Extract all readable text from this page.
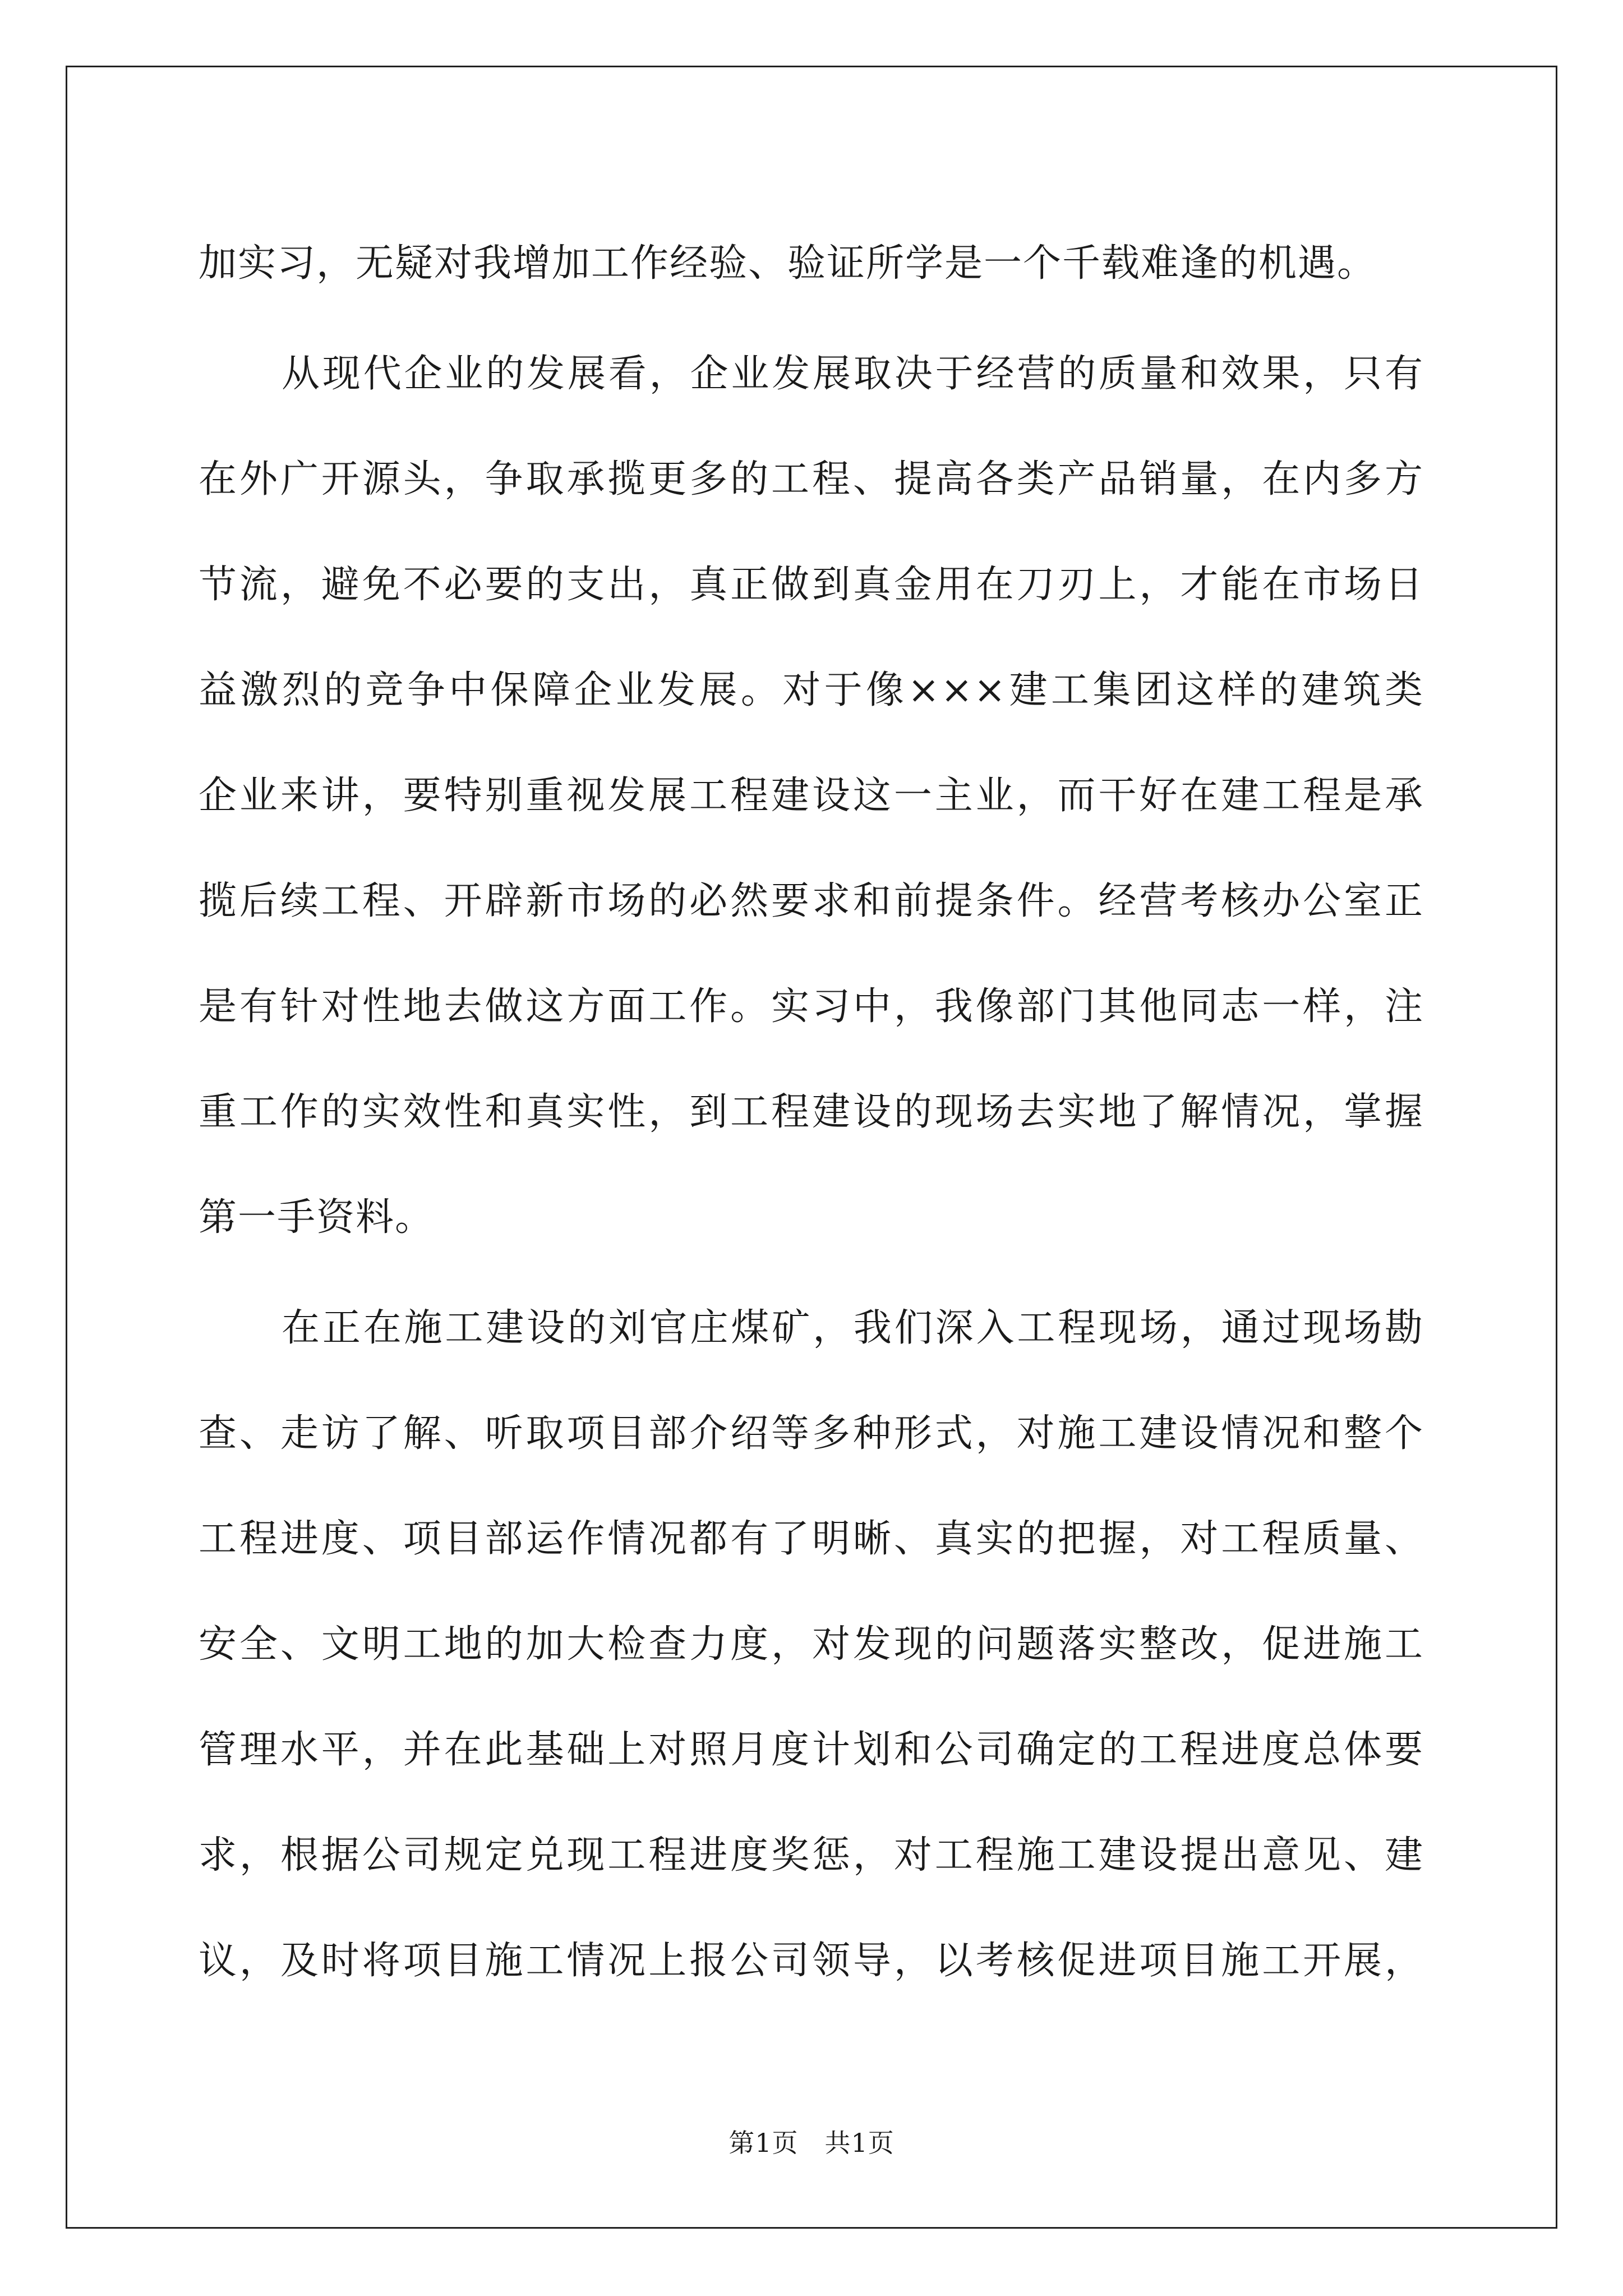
加实习，无疑对我增加工作经验、验证所学是一个千载难逢的机遇。
从现代企业的发展看，企业发展取决于经营的质量和效果，只有
在外广开源头，争取承揽更多的工程、提高各类产品销量，在内多方
节流，避免不必要的支出，真正做到真金用在刀刃上，才能在市场日
益激烈的竞争中保障企业发展。对于像×××建工集团这样的建筑类
企业来讲，要特别重视发展工程建设这一主业，而干好在建工程是承
揽后续工程、开辟新市场的必然要求和前提条件。经营考核办公室正
是有针对性地去做这方面工作。实习中，我像部门其他同志一样，注
重工作的实效性和真实性，到工程建设的现场去实地了解情况，掌握
第一手资料。
在正在施工建设的刘官庄煤矿，我们深入工程现场，通过现场勘
查、走访了解、听取项目部介绍等多种形式，对施工建设情况和整个
工程进度、项目部运作情况都有了明晰、真实的把握，对工程质量、
安全、文明工地的加大检查力度，对发现的问题落实整改，促进施工
管理水平，并在此基础上对照月度计划和公司确定的工程进度总体要
求，根据公司规定兑现工程进度奖惩，对工程施工建设提出意见、建
议，及时将项目施工情况上报公司领导，以考核促进项目施工开展，
第1页　共1页
